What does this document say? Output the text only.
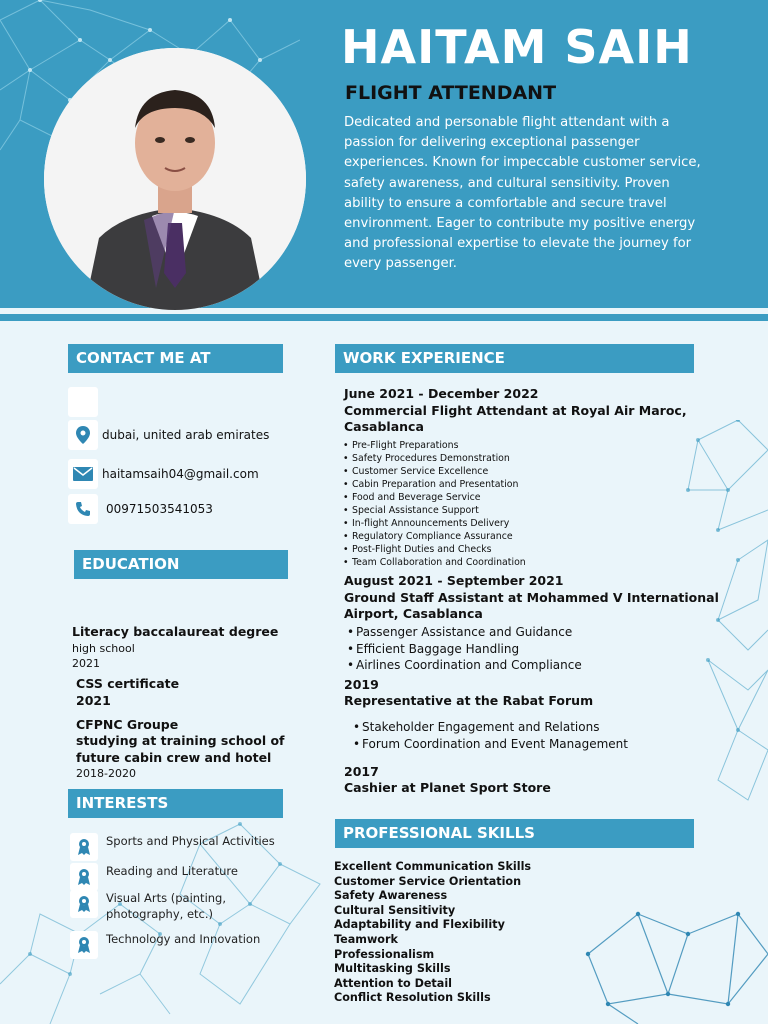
HAITAM SAIH
FLIGHT ATTENDANT
Dedicated and personable flight attendant with a passion for delivering exceptional passenger experiences. Known for impeccable customer service, safety awareness, and cultural sensitivity. Proven ability to ensure a comfortable and secure travel environment. Eager to contribute my positive energy and professional expertise to elevate the journey for every passenger.
CONTACT ME AT
dubai, united arab emirates
haitamsaih04@gmail.com
00971503541053
EDUCATION
Literacy baccalaureat degree
high school
2021
CSS certificate
2021
CFPNC Groupe
studying at training school of
future cabin crew and hotel
2018-2020
INTERESTS
Sports and Physical Activities
Reading and Literature
Visual Arts (painting, photography, etc.)
Technology and Innovation
WORK EXPERIENCE
June 2021 - December 2022
Commercial Flight Attendant at Royal Air Maroc,
Casablanca
• Pre-Flight Preparations
• Safety Procedures Demonstration
• Customer Service Excellence
• Cabin Preparation and Presentation
• Food and Beverage Service
• Special Assistance Support
• In-flight Announcements Delivery
• Regulatory Compliance Assurance
• Post-Flight Duties and Checks
• Team Collaboration and Coordination
August 2021 - September 2021
Ground Staff Assistant at Mohammed V International
Airport, Casablanca
• Passenger Assistance and Guidance
• Efficient Baggage Handling
• Airlines Coordination and Compliance
2019
Representative at the Rabat Forum
• Stakeholder Engagement and Relations
• Forum Coordination and Event Management
2017
Cashier at Planet Sport Store
PROFESSIONAL SKILLS
Excellent Communication Skills
Customer Service Orientation
Safety Awareness
Cultural Sensitivity
Adaptability and Flexibility
Teamwork
Professionalism
Multitasking Skills
Attention to Detail
Conflict Resolution Skills
